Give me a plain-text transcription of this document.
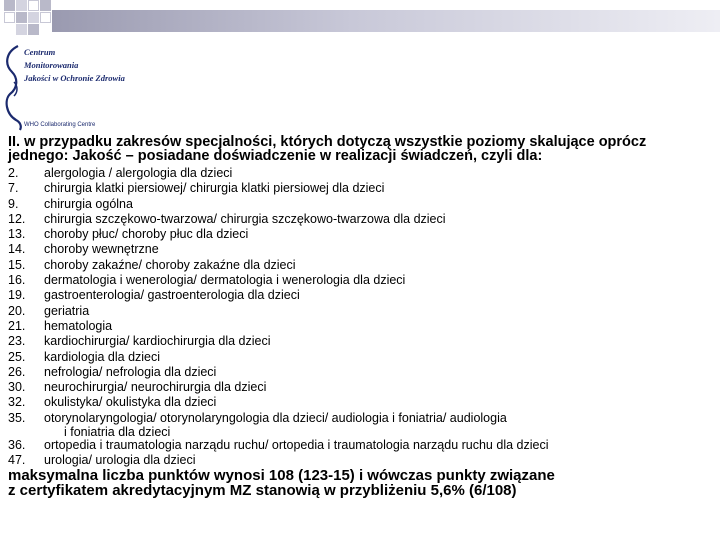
Centrum
Monitorowania
Jakości w Ochronie Zdrowia
WHO Collaborating Centre
II. w przypadku zakresów specjalności, których dotyczą wszystkie poziomy skalujące oprócz
jednego: Jakość – posiadane doświadczenie w realizacji świadczeń, czyli dla:
2.	alergologia / alergologia dla dzieci
7.	chirurgia klatki piersiowej/ chirurgia klatki piersiowej dla dzieci
9.	chirurgia ogólna
12.	chirurgia szczękowo-twarzowa/ chirurgia szczękowo-twarzowa dla dzieci
13.	choroby płuc/ choroby płuc dla dzieci
14.	choroby wewnętrzne
15.	choroby zakaźne/ choroby zakaźne dla dzieci
16.	dermatologia i wenerologia/ dermatologia i wenerologia dla dzieci
19.	gastroenterologia/ gastroenterologia dla dzieci
20.	geriatria
21.	hematologia
23.	kardiochirurgia/ kardiochirurgia dla dzieci
25.	kardiologia dla dzieci
26.	nefrologia/ nefrologia dla dzieci
30.	neurochirurgia/ neurochirurgia dla dzieci
32.	okulistyka/ okulistyka dla dzieci
35.	otorynolaryngologia/ otorynolaryngologia dla dzieci/ audiologia i foniatria/ audiologia
i foniatria dla dzieci
36.	ortopedia i traumatologia narządu ruchu/ ortopedia i traumatologia narządu ruchu dla dzieci
47.	urologia/ urologia dla dzieci
maksymalna liczba punktów wynosi 108 (123-15) i wówczas punkty związane
z certyfikatem akredytacyjnym MZ stanowią w przybliżeniu 5,6% (6/108)
